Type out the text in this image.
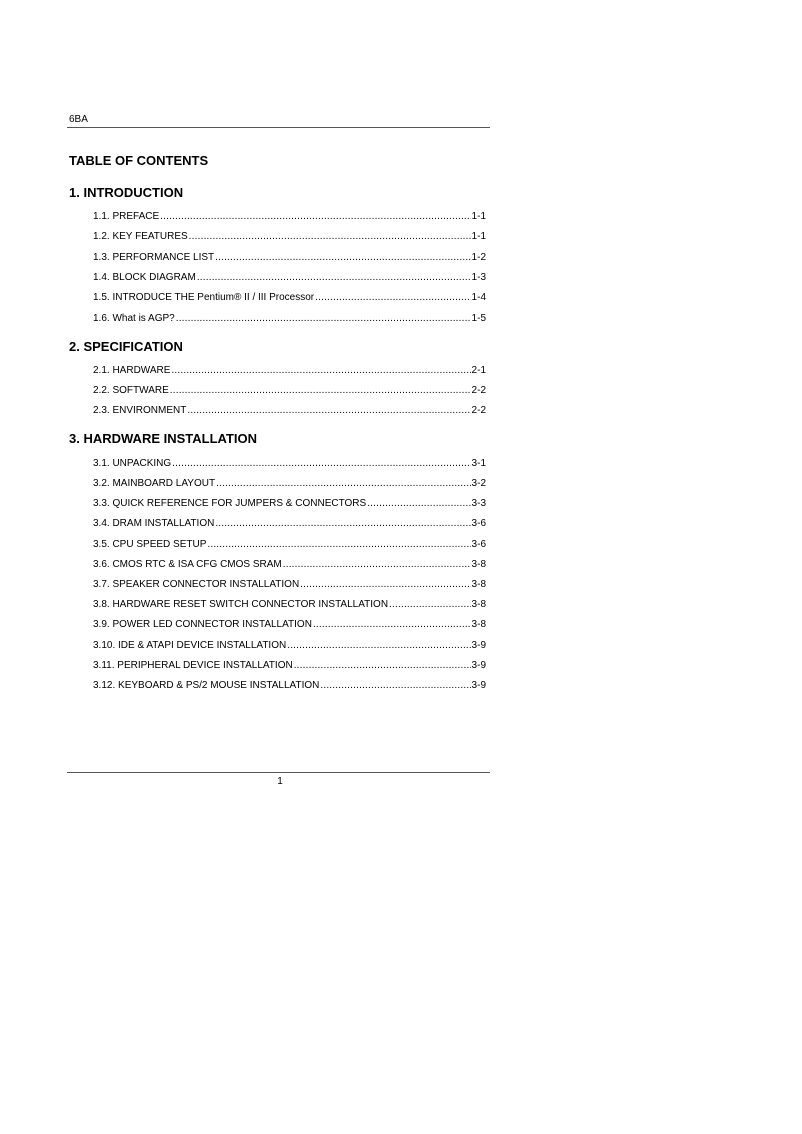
6BA
TABLE OF CONTENTS
1. INTRODUCTION
1.1. PREFACE .....	1-1
1.2. KEY FEATURES .....	1-1
1.3. PERFORMANCE LIST .....	1-2
1.4. BLOCK DIAGRAM .....	1-3
1.5. INTRODUCE THE Pentium® II / III Processor .....	1-4
1.6. What is AGP? .....	1-5
2. SPECIFICATION
2.1. HARDWARE .....	2-1
2.2. SOFTWARE .....	2-2
2.3. ENVIRONMENT .....	2-2
3. HARDWARE INSTALLATION
3.1. UNPACKING .....	3-1
3.2. MAINBOARD LAYOUT .....	3-2
3.3. QUICK REFERENCE FOR JUMPERS & CONNECTORS .....	3-3
3.4. DRAM INSTALLATION .....	3-6
3.5. CPU SPEED SETUP .....	3-6
3.6. CMOS RTC & ISA CFG CMOS SRAM .....	3-8
3.7. SPEAKER CONNECTOR INSTALLATION .....	3-8
3.8. HARDWARE RESET SWITCH CONNECTOR INSTALLATION .....	3-8
3.9. POWER LED CONNECTOR INSTALLATION .....	3-8
3.10. IDE & ATAPI DEVICE INSTALLATION .....	3-9
3.11. PERIPHERAL DEVICE INSTALLATION .....	3-9
3.12. KEYBOARD & PS/2 MOUSE INSTALLATION .....	3-9
1
